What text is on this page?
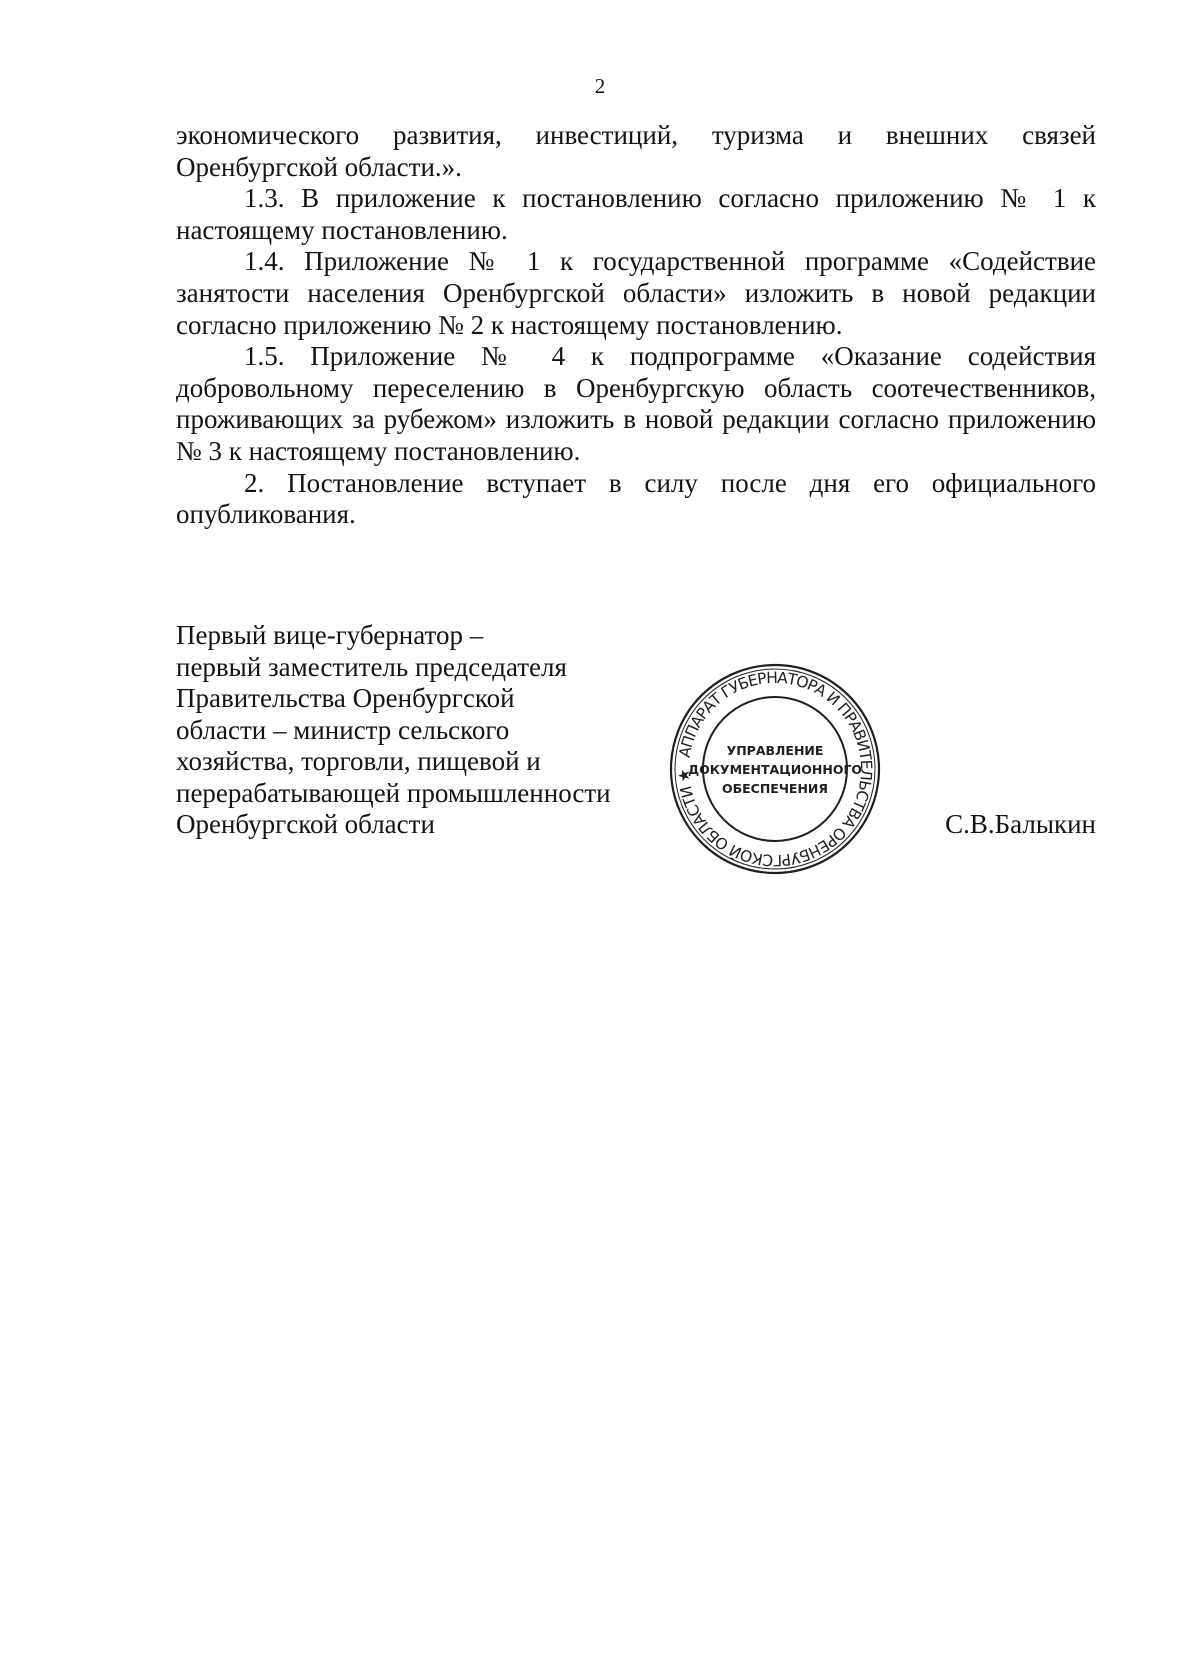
2

экономического развития, инвестиций, туризма и внешних связей Оренбургской области.».

1.3. В приложение к постановлению согласно приложению № 1 к настоящему постановлению.

1.4. Приложение № 1 к государственной программе «Содействие занятости населения Оренбургской области» изложить в новой редакции согласно приложению № 2 к настоящему постановлению.

1.5. Приложение № 4 к подпрограмме «Оказание содействия добровольному переселению в Оренбургскую область соотечественников, проживающих за рубежом» изложить в новой редакции согласно приложению № 3 к настоящему постановлению.

2. Постановление вступает в силу после дня его официального опубликования.

Первый вице-губернатор –
первый заместитель председателя
Правительства Оренбургской
области – министр сельского
хозяйства, торговли, пищевой и
перерабатывающей промышленности
Оренбургской области
АППАРАТ ГУБЕРНАТОРА И ПРАВИТЕЛЬСТВА ОРЕНБУРГСКОЙ ОБЛАСТИ ★
УПРАВЛЕНИЕ
ДОКУМЕНТАЦИОННОГО
ОБЕСПЕЧЕНИЯ
С.В.Балыкин
